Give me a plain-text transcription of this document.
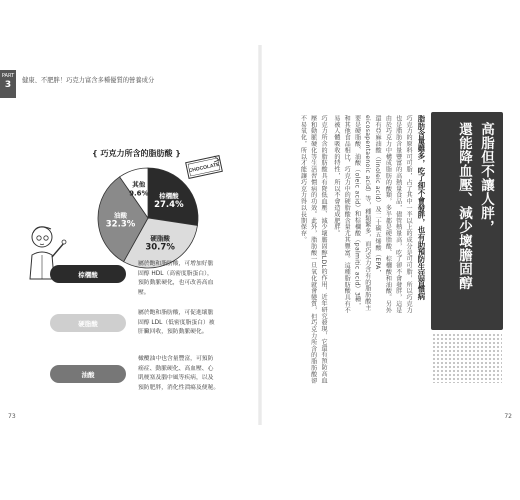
PART
3	健康、不肥胖！巧克力富含多種優質的營養成分
{ 巧克力所含的脂肪酸 }
CHOCOLATE
棕櫚酸
27.4%
硬脂酸
30.7%
油酸
32.3%
其他
9.6%
棕櫚酸
屬於飽和脂肪酸，可增加好膽
固醇 HDL（高密度脂蛋白），
預防動脈硬化，也可改善高血
壓。
硬脂酸
屬於飽和脂肪酸，可促進壞膽
固醇 LDL（低密度脂蛋白）被
肝臟回收，預防動脈硬化。
油酸
橄欖油中也含量豐富，可預防
癌症、動脈硬化、高血壓、心
肌梗塞及腦中風等疾病，以及
預防肥胖，消化性潰瘍及便秘。
73
高脂但不讓人胖，
還能降血壓、減少壞膽固醇
脂肪含量雖多，吃了卻不會發胖，也有助預防生活習慣病
巧克力的原料可可脂，占了其中一半以上的成分是可可脂，所以巧克力也是脂肪含量豐富的高熱量食品，儘管熱量高，吃了卻不會發胖，這是由於巧克力中構成脂肪的酸類，多半都是硬脂酸、棕櫚酸和油酸。另外還有亞麻油酸（linoleic acid）及二十碳五烯酸（EPA，eicosapentaenoic acid）等，種類繁多，而巧克力含有的脂肪酸主要是硬脂酸、油酸（oleic acid）和棕櫚酸（palmitic acid）3種，和其他食品相比，巧克力中的硬脂酸含量尤其豐富。這種脂肪酸具有不易被人體吸收的特性，所以不會造成肥胖。
巧克力所含的脂肪酸具有降低血壓、減少壞膽固醇LDL的作用，近年研究發現，它還有預防高血壓和動脈硬化等生活習慣病的功效。此外，脂肪酸一旦氧化就會變質，但巧克力所含的脂肪酸卻不易氧化，所以才能讓巧克力得以長期保存。
72
